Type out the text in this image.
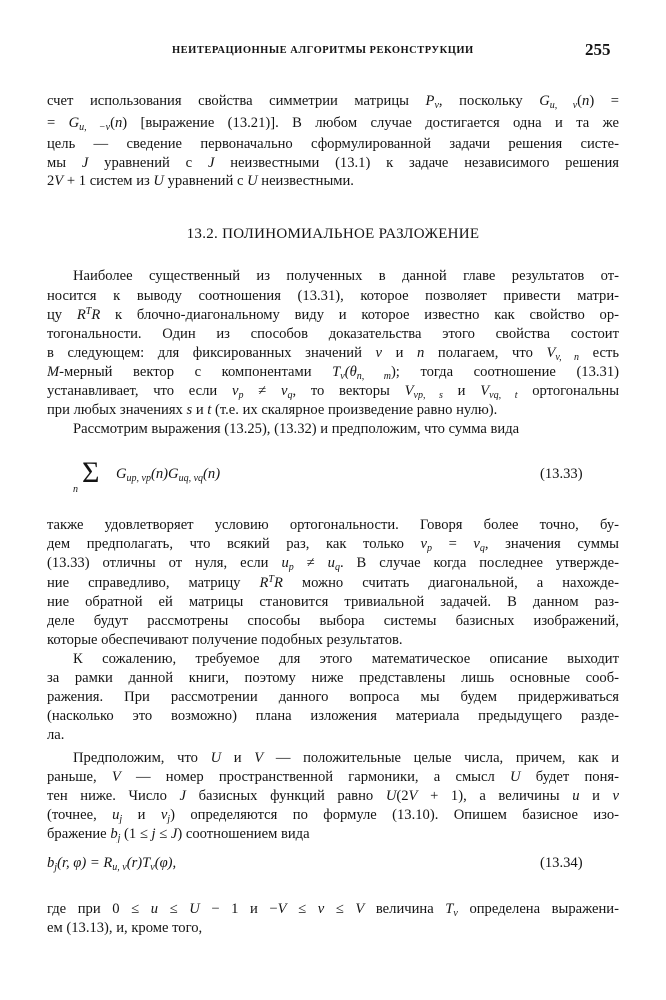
НЕИТЕРАЦИОННЫЕ АЛГОРИТМЫ РЕКОНСТРУКЦИИ	255
счет использования свойства симметрии матрицы $P_v$, поскольку $G_{u, v}(n)$ =
= $G_{u, -v}(n)$ [выражение (13.21)]. В любом случае достигается одна и та же
цель — сведение первоначально сформулированной задачи решения систе-
мы J уравнений с J неизвестными (13.1) к задаче независимого решения
2V + 1 систем из U уравнений с U неизвестными.
13.2. ПОЛИНОМИАЛЬНОЕ РАЗЛОЖЕНИЕ
Наиболее существенный из полученных в данной главе результатов от-
носится к выводу соотношения (13.31), которое позволяет привести матри-
цу $R^TR$ к блочно-диагональному виду и которое известно как свойство ор-
тогональности. Один из способов доказательства этого свойства состоит
в следующем: для фиксированных значений v и n полагаем, что $V_{v, n}$ есть
M-мерный вектор с компонентами $T_v(\theta_{n, m})$; тогда соотношение (13.31)
устанавливает, что если $v_p \ne v_q$, то векторы $V_{vp, s}$ и $V_{vq, t}$ ортогональны
при любых значениях s и t (т.е. их скалярное произведение равно нулю).
Рассмотрим выражения (13.25), (13.32) и предположим, что сумма вида
Σ
n
$G_{up, vp}(n)G_{uq, vq}(n)$	(13.33)
также удовлетворяет условию ортогональности. Говоря более точно, бу-
дем предполагать, что всякий раз, как только $v_p = v_q$, значения суммы
(13.33) отличны от нуля, если $u_p \ne u_q$. В случае когда последнее утвержде-
ние справедливо, матрицу $R^TR$ можно считать диагональной, а нахожде-
ние обратной ей матрицы становится тривиальной задачей. В данном раз-
деле будут рассмотрены способы выбора системы базисных изображений,
которые обеспечивают получение подобных результатов.
К сожалению, требуемое для этого математическое описание выходит
за рамки данной книги, поэтому ниже представлены лишь основные сооб-
ражения. При рассмотрении данного вопроса мы будем придерживаться
(насколько это возможно) плана изложения материала предыдущего разде-
ла.
Предположим, что U и V — положительные целые числа, причем, как и
раньше, V — номер пространственной гармоники, а смысл U будет поня-
тен ниже. Число J базисных функций равно U(2V + 1), а величины u и v
(точнее, $u_j$ и $v_j$) определяются по формуле (13.10). Опишем базисное изо-
бражение $b_j$ (1 ≤ j ≤ J) соотношением вида
$b_j(r$, $\varphi) = R_{u, v}(r)T_v(\varphi)$,	(13.34)
где при 0 ≤ u ≤ U − 1 и −V ≤ v ≤ V величина $T_v$ определена выражени-
ем (13.13), и, кроме того,
